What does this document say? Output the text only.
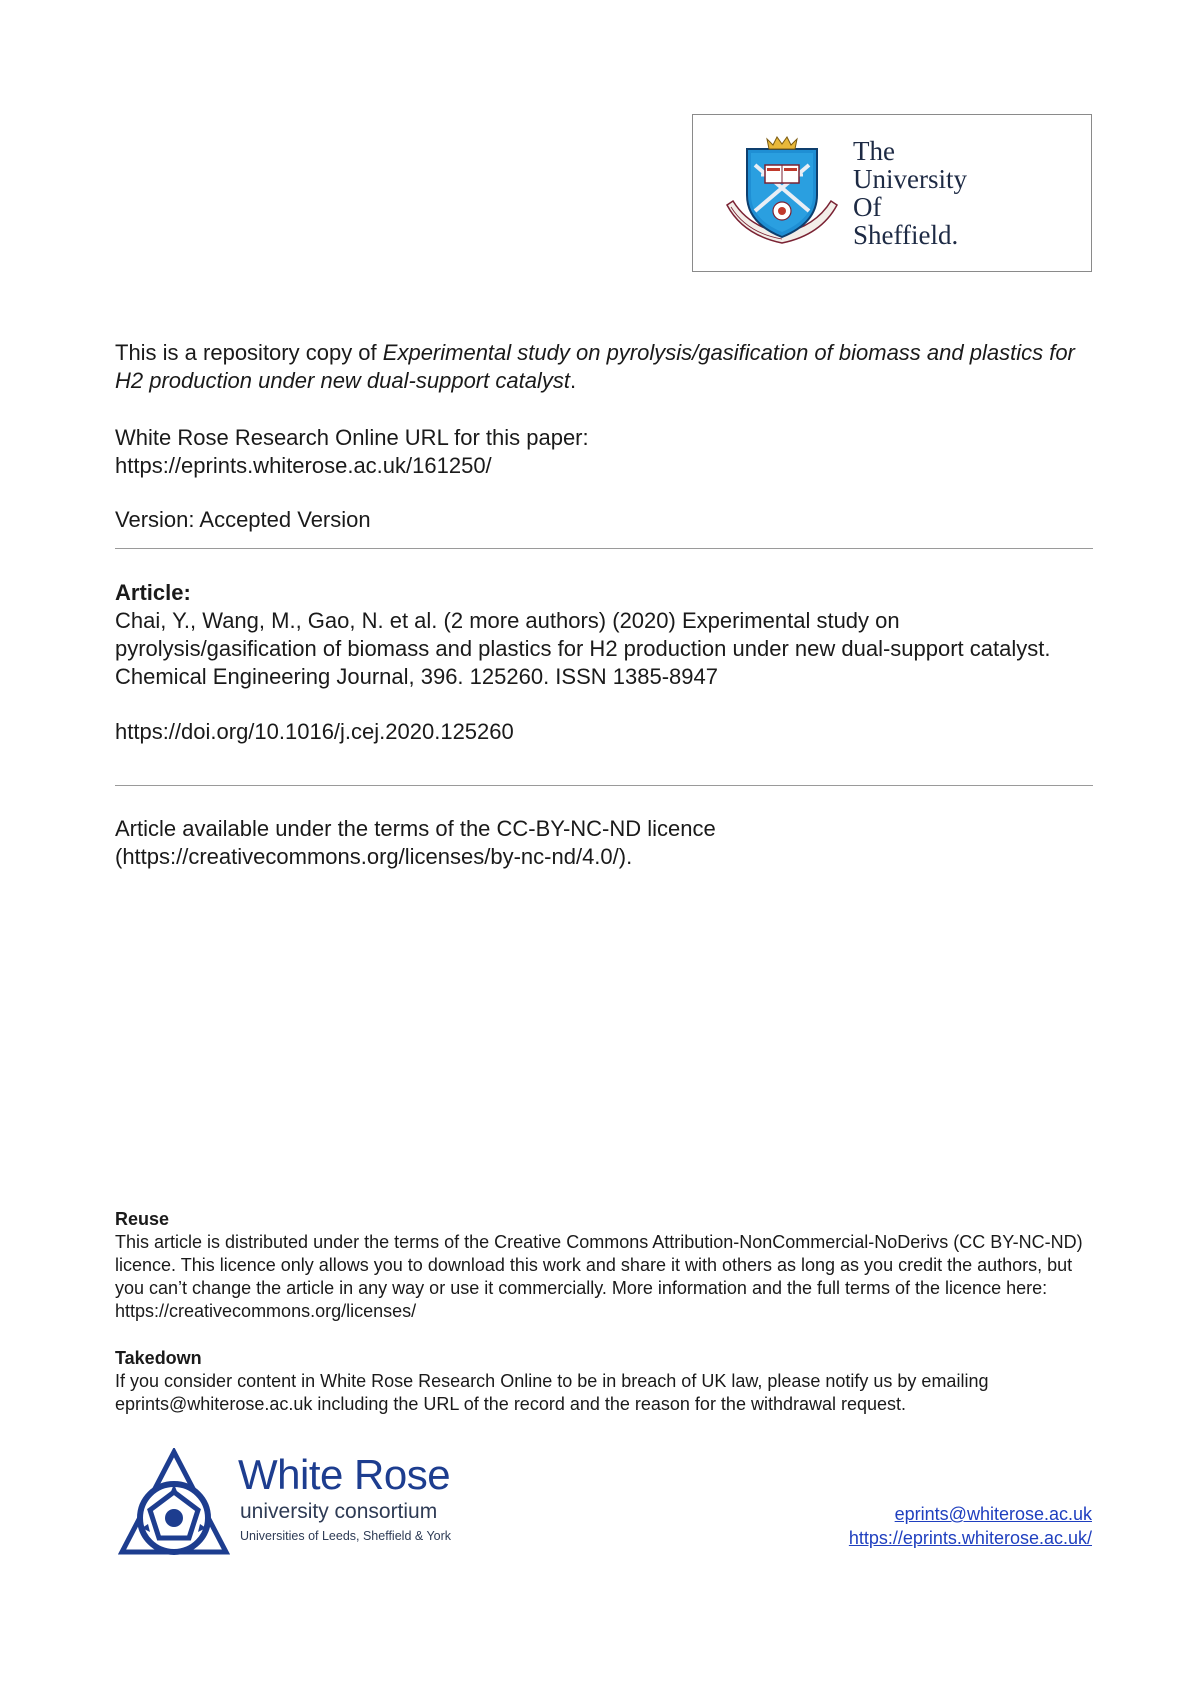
The
University
Of
Sheffield.

This is a repository copy of Experimental study on pyrolysis/gasification of biomass and plastics for H2 production under new dual-support catalyst.

White Rose Research Online URL for this paper:
https://eprints.whiterose.ac.uk/161250/

Version: Accepted Version

Article:
Chai, Y., Wang, M., Gao, N. et al. (2 more authors) (2020) Experimental study on pyrolysis/gasification of biomass and plastics for H2 production under new dual-support catalyst. Chemical Engineering Journal, 396. 125260. ISSN 1385-8947

https://doi.org/10.1016/j.cej.2020.125260

Article available under the terms of the CC-BY-NC-ND licence (https://creativecommons.org/licenses/by-nc-nd/4.0/).

Reuse
This article is distributed under the terms of the Creative Commons Attribution-NonCommercial-NoDerivs (CC BY-NC-ND) licence. This licence only allows you to download this work and share it with others as long as you credit the authors, but you can’t change the article in any way or use it commercially. More information and the full terms of the licence here: https://creativecommons.org/licenses/

Takedown
If you consider content in White Rose Research Online to be in breach of UK law, please notify us by emailing eprints@whiterose.ac.uk including the URL of the record and the reason for the withdrawal request.

White Rose
university consortium
Universities of Leeds, Sheffield & York
eprints@whiterose.ac.uk
https://eprints.whiterose.ac.uk/
